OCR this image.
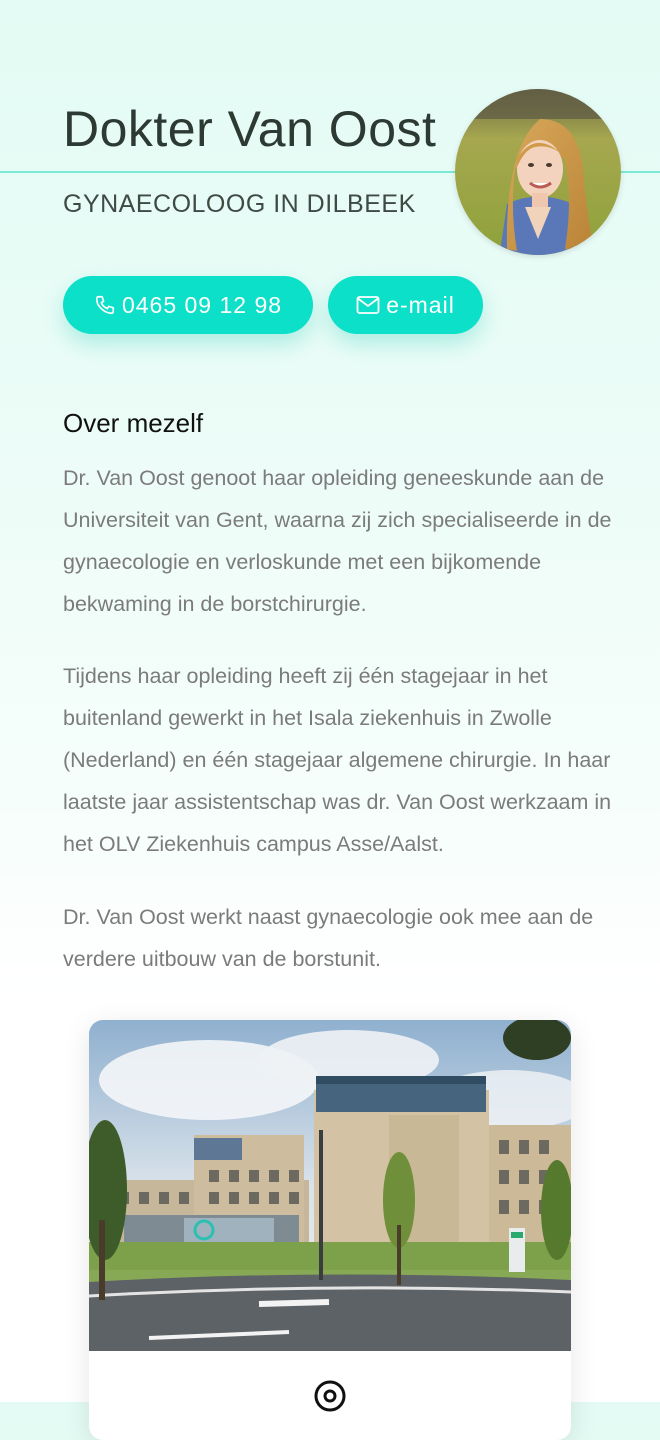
Dokter Van Oost
GYNAECOLOOG IN DILBEEK
0465 09 12 98	e-mail
Over mezelf

Dr. Van Oost genoot haar opleiding geneeskunde aan de Universiteit van Gent, waarna zij zich specialiseerde in de gynaecologie en verloskunde met een bijkomende bekwaming in de borstchirurgie.

Tijdens haar opleiding heeft zij één stagejaar in het buitenland gewerkt in het Isala ziekenhuis in Zwolle (Nederland) en één stagejaar algemene chirurgie. In haar laatste jaar assistentschap was dr. Van Oost werkzaam in het OLV Ziekenhuis campus Asse/Aalst.

Dr. Van Oost werkt naast gynaecologie ook mee aan de verdere uitbouw van de borstunit.
